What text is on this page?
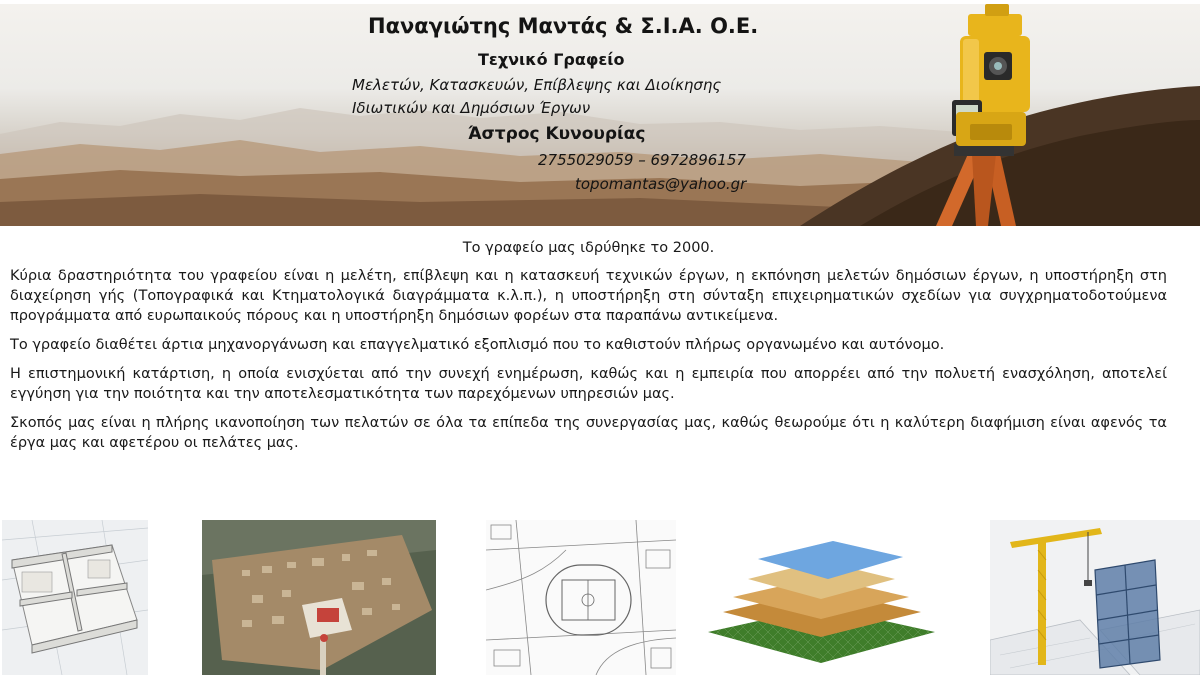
Παναγιώτης Μαντάς & Σ.Ι.Α. Ο.Ε.
Τεχνικό Γραφείο
Μελετών, Κατασκευών, Επίβλεψης και Διοίκησης
Ιδιωτικών και Δημόσιων Έργων
Άστρος Κυνουρίας
2755029059 – 6972896157
topomantas@yahoo.gr
Το γραφείο μας ιδρύθηκε το 2000.

Κύρια δραστηριότητα του γραφείου είναι η μελέτη, επίβλεψη και η κατασκευή τεχνικών έργων, η εκπόνηση μελετών δημόσιων έργων, η υποστήρηξη στη διαχείρηση γής (Τοπογραφικά και Κτηματολογικά διαγράμματα κ.λ.π.), η υποστήρηξη στη σύνταξη επιχειρηματικών σχεδίων για συγχρηματοδοτούμενα προγράμματα από ευρωπαικούς πόρους και η υποστήρηξη δημόσιων φορέων στα παραπάνω αντικείμενα.

Το γραφείο διαθέτει άρτια μηχανοργάνωση και επαγγελματικό εξοπλισμό που το καθιστούν πλήρως οργανωμένο και αυτόνομο.

Η επιστημονική κατάρτιση, η οποία ενισχύεται από την συνεχή ενημέρωση, καθώς και η εμπειρία που απορρέει από την πολυετή ενασχόληση, αποτελεί εγγύηση για την ποιότητα και την αποτελεσματικότητα των παρεχόμενων υπηρεσιών μας.

Σκοπός μας είναι η πλήρης ικανοποίηση των πελατών σε όλα τα επίπεδα της συνεργασίας μας, καθώς θεωρούμε ότι η καλύτερη διαφήμιση είναι αφενός τα έργα μας και αφετέρου οι πελάτες μας.
